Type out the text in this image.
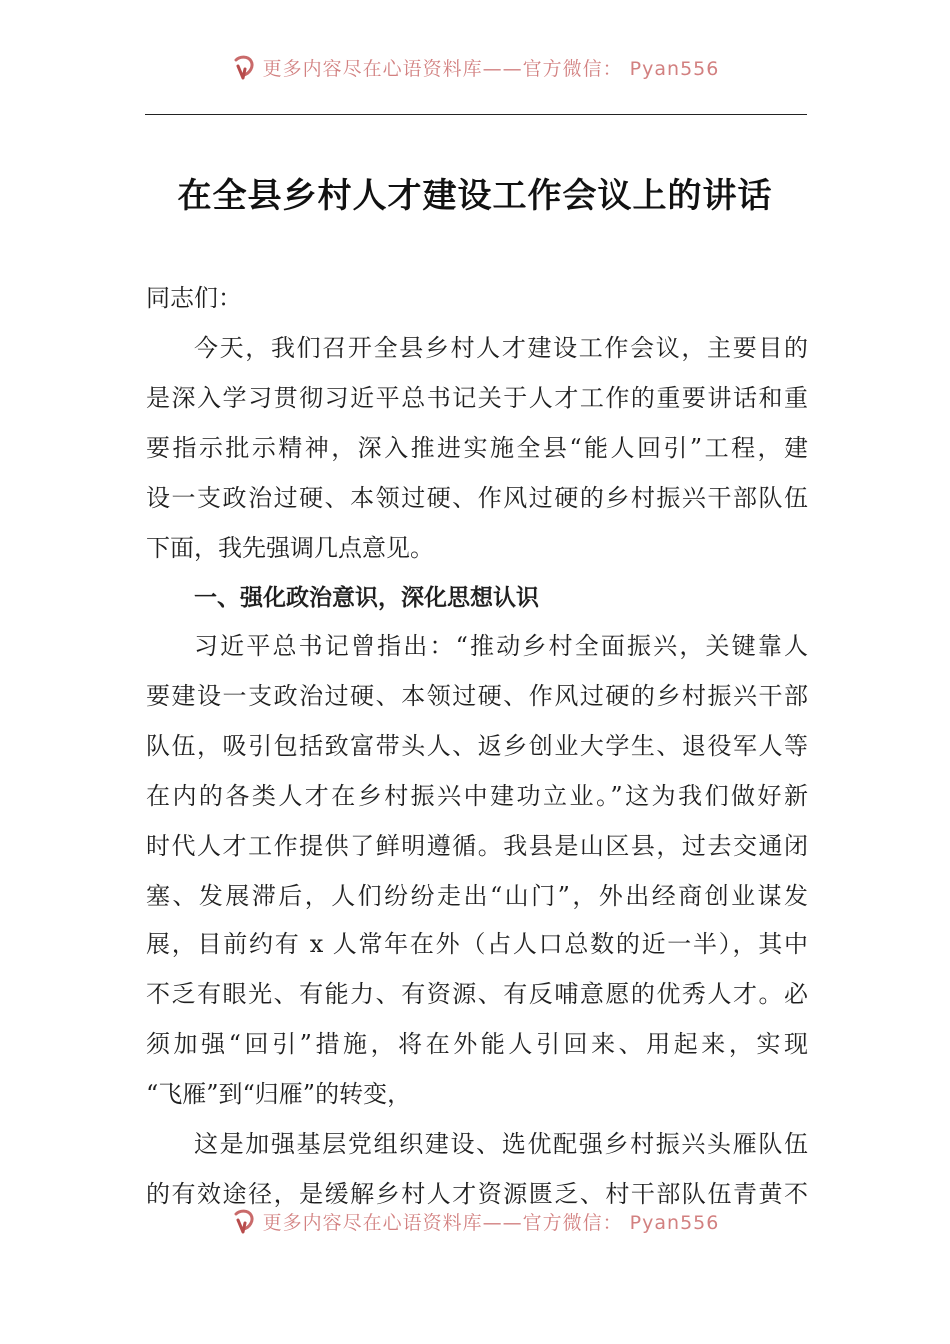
更多内容尽在心语资料库——官方微信： Pyan556
在全县乡村人才建设工作会议上的讲话
同志们：
今天，我们召开全县乡村人才建设工作会议，主要目的
是深入学习贯彻习近平总书记关于人才工作的重要讲话和重
要指示批示精神，深入推进实施全县“能人回引”工程，建
设一支政治过硬、本领过硬、作风过硬的乡村振兴干部队伍
下面，我先强调几点意见。
一、强化政治意识，深化思想认识
习近平总书记曾指出：“推动乡村全面振兴，关键靠人
要建设一支政治过硬、本领过硬、作风过硬的乡村振兴干部
队伍，吸引包括致富带头人、返乡创业大学生、退役军人等
在内的各类人才在乡村振兴中建功立业。”这为我们做好新
时代人才工作提供了鲜明遵循。我县是山区县，过去交通闭
塞、发展滞后，人们纷纷走出“山门”，外出经商创业谋发
展，目前约有 x 人常年在外（占人口总数的近一半），其中
不乏有眼光、有能力、有资源、有反哺意愿的优秀人才。必
须加强“回引”措施，将在外能人引回来、用起来，实现
“飞雁”到“归雁”的转变，
这是加强基层党组织建设、选优配强乡村振兴头雁队伍
的有效途径，是缓解乡村人才资源匮乏、村干部队伍青黄不
更多内容尽在心语资料库——官方微信： Pyan556
